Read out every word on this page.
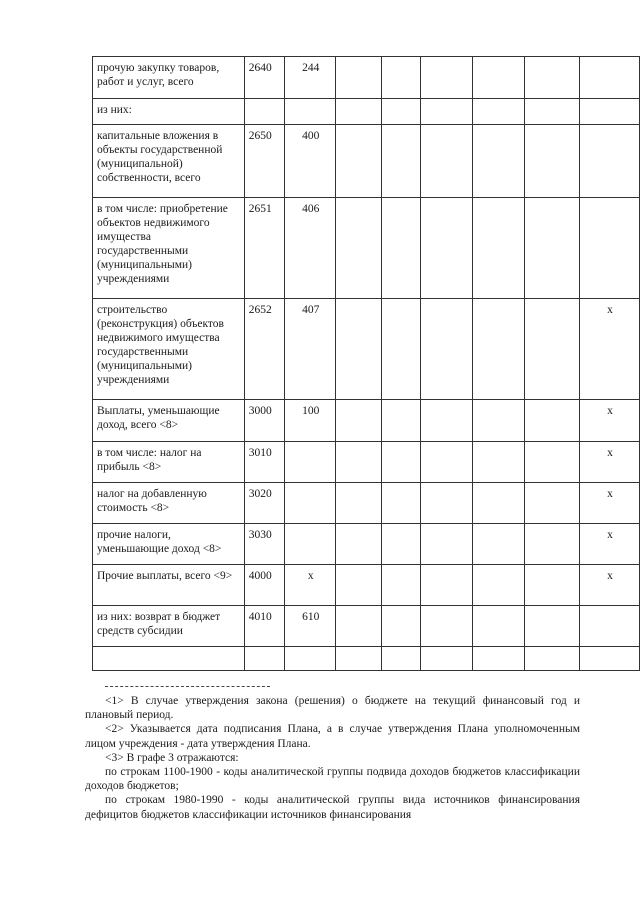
прочую закупку товаров, работ и услуг, всего	2640	244						
из них:								
капитальные вложения в объекты государственной (муниципальной) собственности, всего	2650	400						
в том числе: приобретение объектов недвижимого имущества государственными (муниципальными) учреждениями	2651	406						
строительство (реконструкция) объектов недвижимого имущества государственными (муниципальными) учреждениями	2652	407						x
Выплаты, уменьшающие доход, всего <8>	3000	100						x
в том числе: налог на прибыль <8>	3010							x
налог на добавленную стоимость <8>	3020							x
прочие налоги, уменьшающие доход <8>	3030							x
Прочие выплаты, всего <9>	4000	x						x
из них: возврат в бюджет средств субсидии	4010	610						

<1> В случае утверждения закона (решения) о бюджете на текущий финансовый год и плановый период.

<2> Указывается дата подписания Плана, а в случае утверждения Плана уполномоченным лицом учреждения - дата утверждения Плана.

<3> В графе 3 отражаются:

по строкам 1100-1900 - коды аналитической группы подвида доходов бюджетов классификации доходов бюджетов;

по строкам 1980-1990 - коды аналитической группы вида источников финансирования дефицитов бюджетов классификации источников финансирования
